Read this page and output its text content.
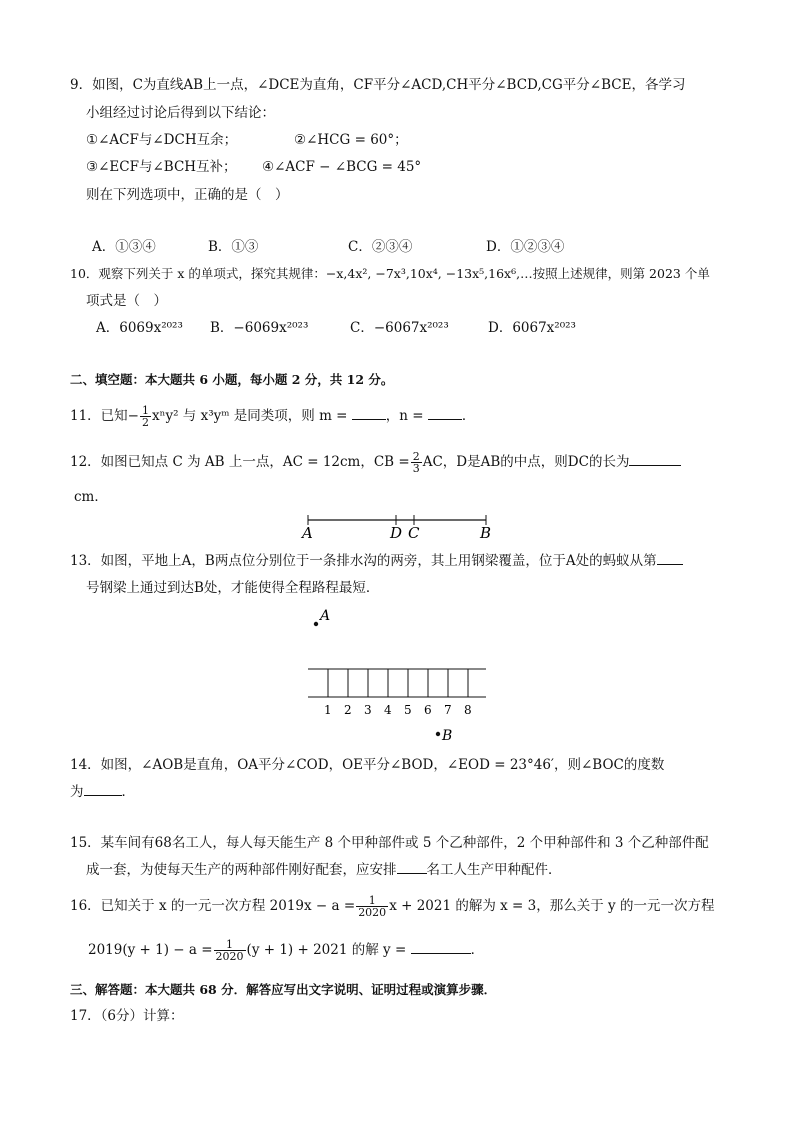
9．如图，C为直线AB上一点，∠DCE为直角，CF平分∠ACD,CH平分∠BCD,CG平分∠BCE，各学习
小组经过讨论后得到以下结论：
①∠ACF与∠DCH互余；	②∠HCG = 60°；
③∠ECF与∠BCH互补； ④∠ACF − ∠BCG = 45°
则在下列选项中，正确的是（　）
A．①③④	B．①③	C．②③④	D．①②③④
10．观察下列关于 x 的单项式，探究其规律：−x,4x², −7x³,10x⁴, −13x⁵,16x⁶,…按照上述规律，则第 2023 个单
项式是（　）
A．6069x²⁰²³ B．−6069x²⁰²³	C．−6067x²⁰²³	D．6067x²⁰²³
二、填空题：本大题共 6 小题，每小题 2 分，共 12 分。
11．已知− $\frac{1}{2} x^ny^2$ 与 x³yᵐ 是同类项，则 m =	，n =	．
12．如图已知点 C 为 AB 上一点，AC = 12cm，CB = $\frac{2}{3}$ AC，D是AB的中点，则DC的长为
cm．
A	D C	B
13．如图，平地上A，B两点位分别位于一条排水沟的两旁，其上用钢梁覆盖，位于A处的蚂蚁从第
号钢梁上通过到达B处，才能使得全程路程最短．
A
1 2 3 4 5 6 7 8
B
14．如图，∠AOB是直角，OA平分∠COD，OE平分∠BOD，∠EOD = 23°46′，则∠BOC的度数
为	．
15．某车间有68名工人，每人每天能生产 8 个甲种部件或 5 个乙种部件，2 个甲种部件和 3 个乙种部件配
成一套，为使每天生产的两种部件刚好配套，应安排 名工人生产甲种配件．
16．已知关于 x 的一元一次方程 $2019x - a = \frac{1}{2020}$ x + 2021 的解为 x = 3，那么关于 y 的一元一次方程
$2019(y + 1) - a = \frac{1}{2020} (y + 1) + 2021$ 的解 y =	．
三、解答题：本大题共 68 分．解答应写出文字说明、证明过程或演算步骤．
17．（6分）计算：
